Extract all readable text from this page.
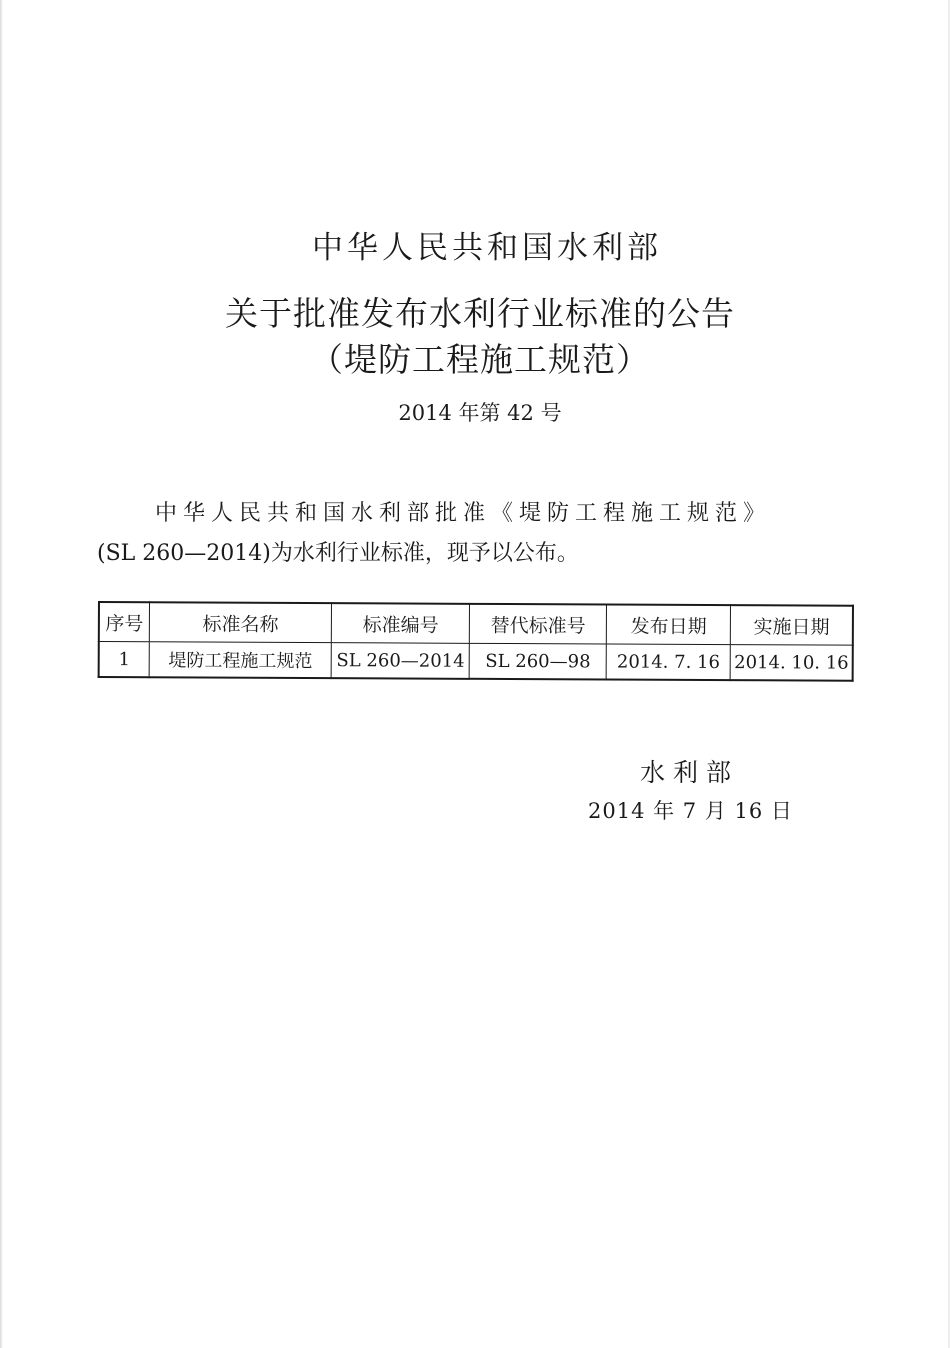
中华人民共和国水利部
关于批准发布水利行业标准的公告
（堤防工程施工规范）
2014 年第 42 号
中华人民共和国水利部批准《堤防工程施工规范》
(SL 260—2014)为水利行业标准，现予以公布。
序号	标准名称	标准编号	替代标准号	发布日期	实施日期
1	堤防工程施工规范	SL 260—2014	SL 260—98	2014. 7. 16	2014. 10. 16
水利部
2014 年 7 月 16 日
